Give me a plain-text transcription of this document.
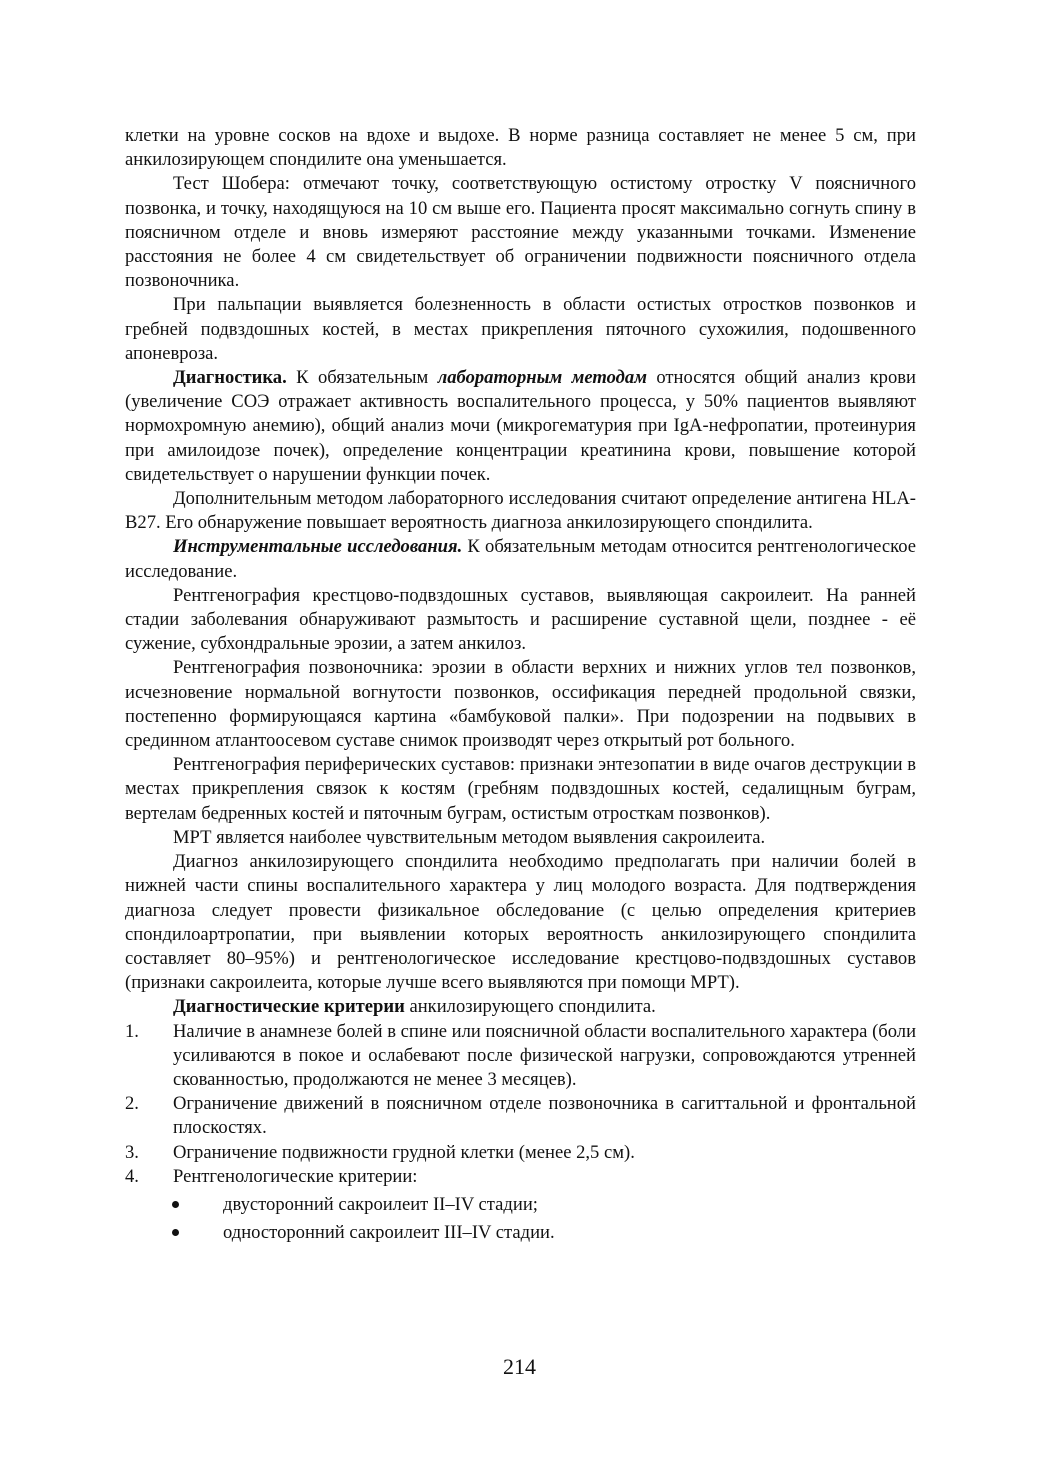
клетки на уровне сосков на вдохе и выдохе. В норме разница составляет не менее 5 см, при анкилозирующем спондилите она уменьшается.

Тест Шобера: отмечают точку, соответствующую остистому отростку V поясничного позвонка, и точку, находящуюся на 10 см выше его. Пациента просят максимально согнуть спину в поясничном отделе и вновь измеряют расстояние между указанными точками. Изменение расстояния не более 4 см свидетельствует об ограничении подвижности поясничного отдела позвоночника.

При пальпации выявляется болезненность в области остистых отростков позвонков и гребней подвздошных костей, в местах прикрепления пяточного сухожилия, подошвенного апоневроза.

Диагностика. К обязательным лабораторным методам относятся общий анализ крови (увеличение СОЭ отражает активность воспалительного процесса, у 50% пациентов выявляют нормохромную анемию), общий анализ мочи (микрогематурия при IgA-нефропатии, протеинурия при амилоидозе почек), определение концентрации креатинина крови, повышение которой свидетельствует о нарушении функции почек.

Дополнительным методом лабораторного исследования считают определение антигена HLA-B27. Его обнаружение повышает вероятность диагноза анкилозирующего спондилита.

Инструментальные исследования. К обязательным методам относится рентгенологическое исследование.

Рентгенография крестцово-подвздошных суставов, выявляющая сакроилеит. На ранней стадии заболевания обнаруживают размытость и расширение суставной щели, позднее - её сужение, субхондральные эрозии, а затем анкилоз.

Рентгенография позвоночника: эрозии в области верхних и нижних углов тел позвонков, исчезновение нормальной вогнутости позвонков, оссификация передней продольной связки, постепенно формирующаяся картина «бамбуковой палки». При подозрении на подвывих в срединном атлантоосевом суставе снимок производят через открытый рот больного.

Рентгенография периферических суставов: признаки энтезопатии в виде очагов деструкции в местах прикрепления связок к костям (гребням подвздошных костей, седалищным буграм, вертелам бедренных костей и пяточным буграм, остистым отросткам позвонков).

МРТ является наиболее чувствительным методом выявления сакроилеита.

Диагноз анкилозирующего спондилита необходимо предполагать при наличии болей в нижней части спины воспалительного характера у лиц молодого возраста. Для подтверждения диагноза следует провести физикальное обследование (с целью определения критериев спондилоартропатии, при выявлении которых вероятность анкилозирующего спондилита составляет 80–95%) и рентгенологическое исследование крестцово-подвздошных суставов (признаки сакроилеита, которые лучше всего выявляются при помощи МРТ).

Диагностические критерии анкилозирующего спондилита.

1.	Наличие в анамнезе болей в спине или поясничной области воспалительного характера (боли усиливаются в покое и ослабевают после физической нагрузки, сопровождаются утренней скованностью, продолжаются не менее 3 месяцев).
2.	Ограничение движений в поясничном отделе позвоночника в сагиттальной и фронтальной плоскостях.
3.	Ограничение подвижности грудной клетки (менее 2,5 см).
4.	Рентгенологические критерии:
двусторонний сакроилеит II–IV стадии;
односторонний сакроилеит III–IV стадии.
214
